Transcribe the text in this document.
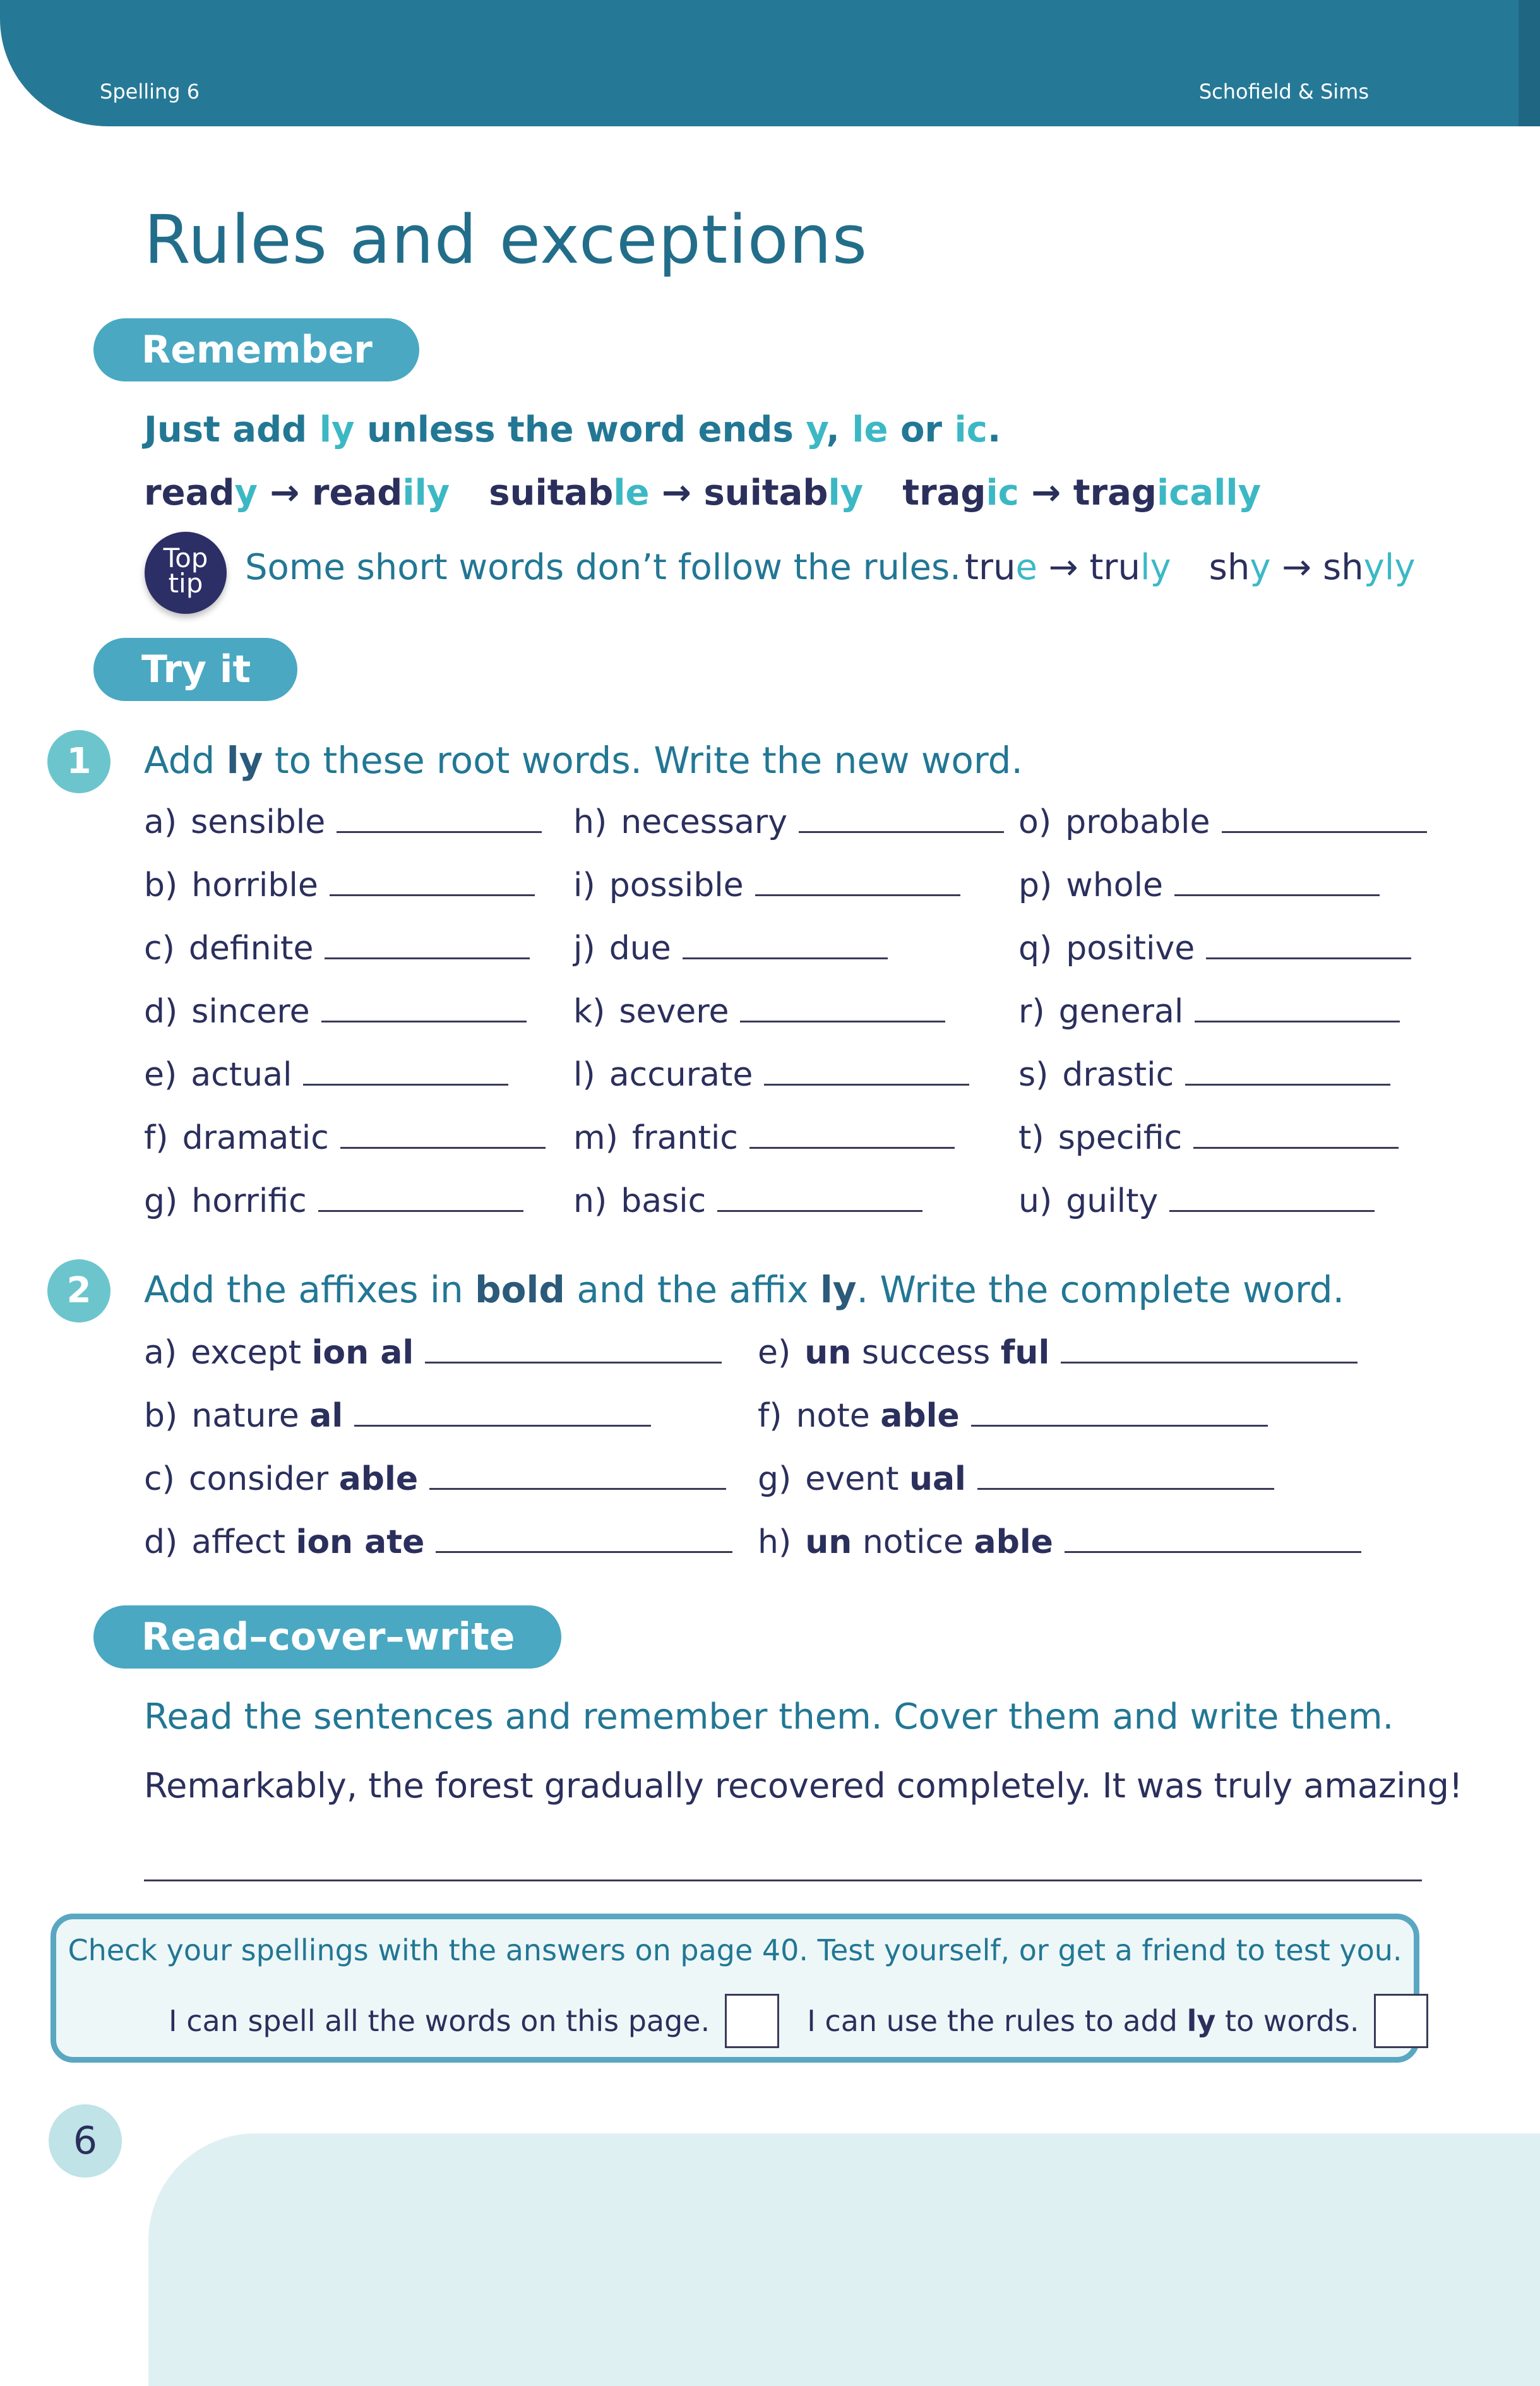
Spelling 6	Schofield & Sims
Rules and exceptions
Remember
Just add ly unless the word ends y, le or ic.
ready → readily suitable → suitably tragic → tragically
Top
tip	Some short words don’t follow the rules. true → truly shy → shyly
Try it
1	Add ly to these root words. Write the new word.
a) sensible
b) horrible
c) definite
d) sincere
e) actual
f) dramatic
g) horrific
h) necessary
i) possible
j) due
k) severe
l) accurate
m) frantic
n) basic
o) probable
p) whole
q) positive
r) general
s) drastic
t) specific
u) guilty
2	Add the affixes in bold and the affix ly. Write the complete word.
a) except ion al
b) nature al
c) consider able
d) affect ion ate
e) un success ful
f) note able
g) event ual
h) un notice able
Read–cover–write
Read the sentences and remember them. Cover them and write them.
Remarkably, the forest gradually recovered completely. It was truly amazing!
Check your spellings with the answers on page 40. Test yourself, or get a friend to test you.
I can spell all the words on this page.	I can use the rules to add ly to words.
6
